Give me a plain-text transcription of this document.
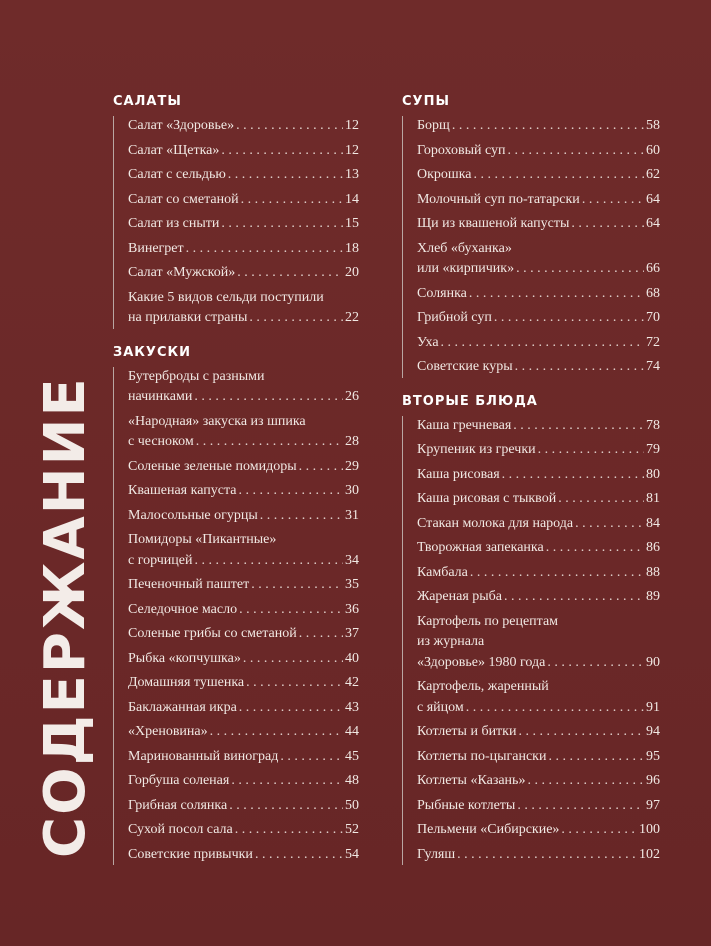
СОДЕРЖАНИЕ
САЛАТЫ
Салат «Здоровье» . . .	12
Салат «Щетка» . . .	12
Салат с сельдью . . .	13
Салат со сметаной . . .	14
Салат из сныти . . .	15
Винегрет . . .	18
Салат «Мужской» . . .	20
Какие 5 видов сельди поступили
на прилавки страны . . .	22
ЗАКУСКИ
Бутерброды с разными
начинками . . .	26
«Народная» закуска из шпика
с чесноком . . .	28
Соленые зеленые помидоры . . .	29
Квашеная капуста . . .	30
Малосольные огурцы . . .	31
Помидоры «Пикантные»
с горчицей . . .	34
Печеночный паштет . . .	35
Селедочное масло . . .	36
Соленые грибы со сметаной . . .	37
Рыбка «копчушка» . . .	40
Домашняя тушенка . . .	42
Баклажанная икра . . .	43
«Хреновина» . . .	44
Маринованный виноград . . .	45
Горбуша соленая . . .	48
Грибная солянка . . .	50
Сухой посол сала . . .	52
Советские привычки . . .	54
СУПЫ
Борщ . . .	58
Гороховый суп . . .	60
Окрошка . . .	62
Молочный суп по-татарски . . .	64
Щи из квашеной капусты . . .	64
Хлеб «буханка»
или «кирпичик» . . .	66
Солянка . . .	68
Грибной суп . . .	70
Уха . . .	72
Советские куры . . .	74
ВТОРЫЕ БЛЮДА
Каша гречневая . . .	78
Крупеник из гречки . . .	79
Каша рисовая . . .	80
Каша рисовая с тыквой . . .	81
Стакан молока для народа . . .	84
Творожная запеканка . . .	86
Камбала . . .	88
Жареная рыба . . .	89
Картофель по рецептам
из журнала
«Здоровье» 1980 года . . .	90
Картофель, жаренный
с яйцом . . .	91
Котлеты и битки . . .	94
Котлеты по-цыгански . . .	95
Котлеты «Казань» . . .	96
Рыбные котлеты . . .	97
Пельмени «Сибирские» . . .	100
Гуляш . . .	102
